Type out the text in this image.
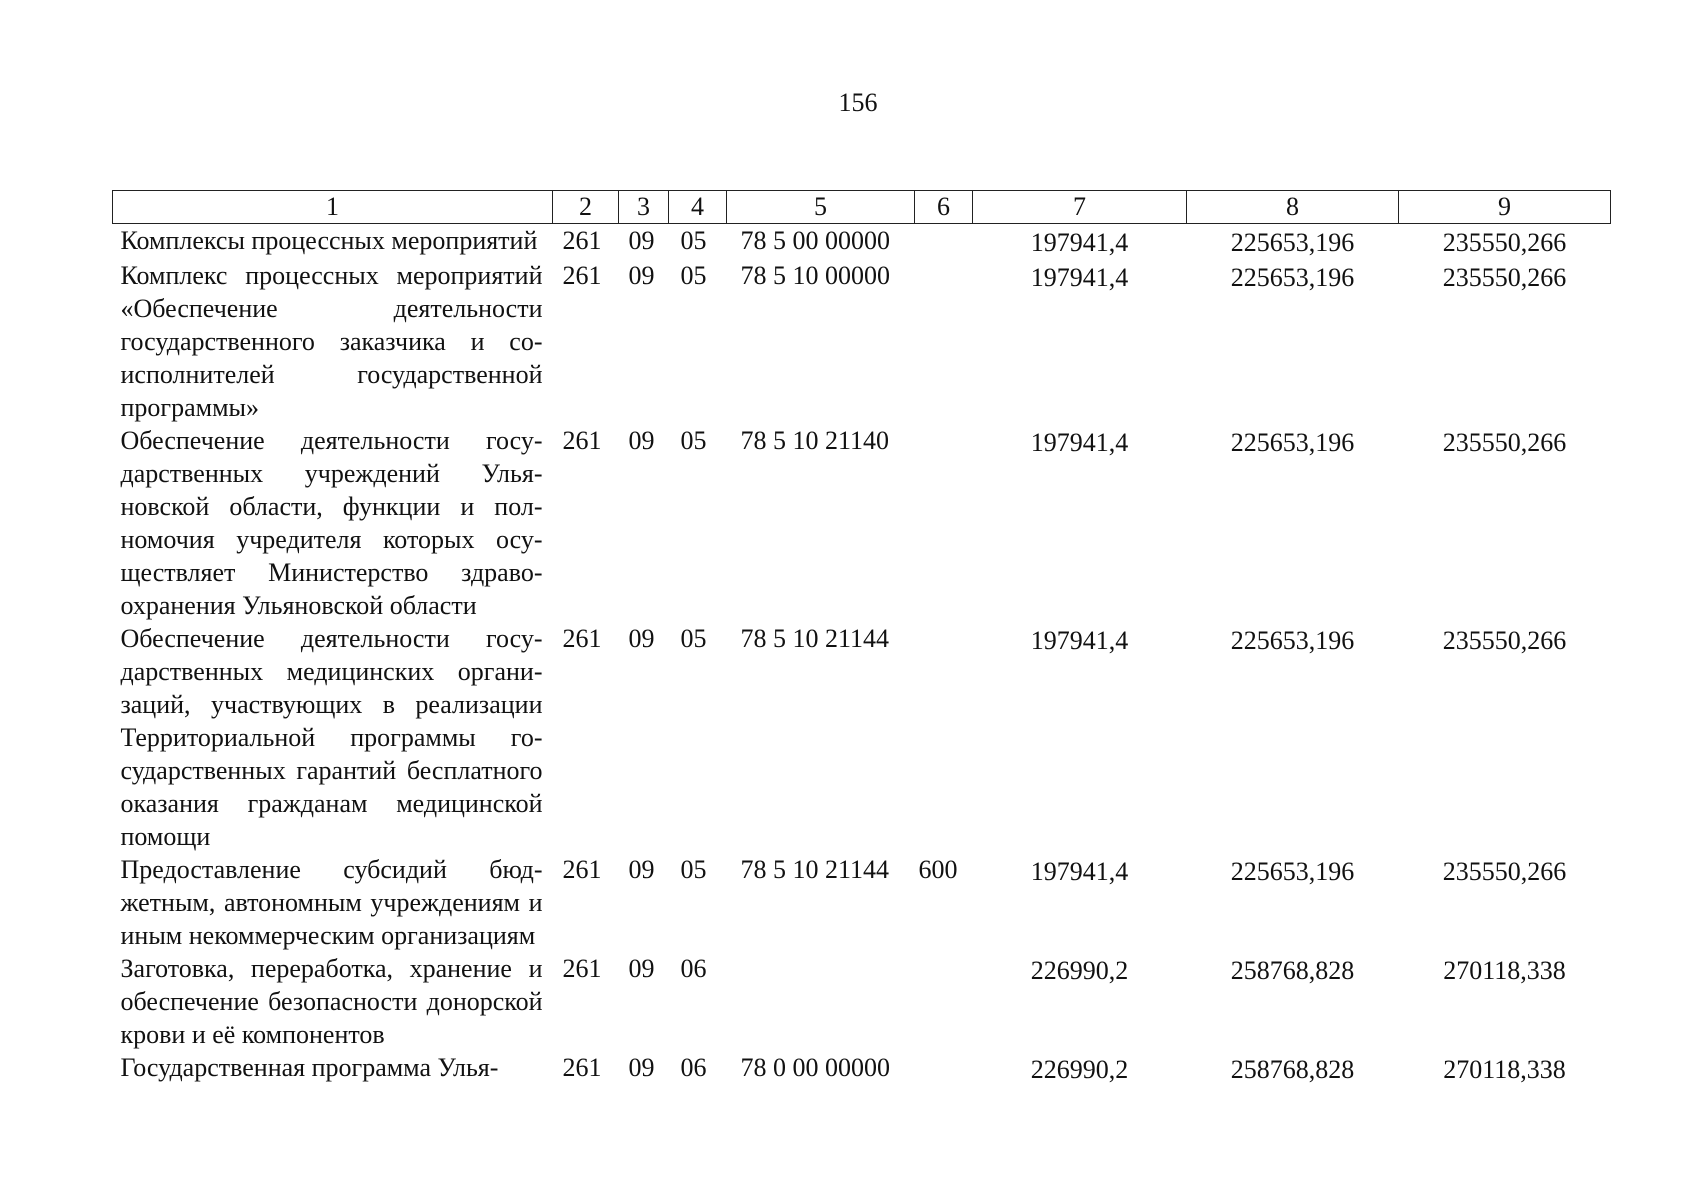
156
1	2	3	4	5	6	7	8	9
Комплексы процессных мероприятий	261	09	05	78 5 00 00000		197941,4	225653,196	235550,266
Комплекс процессных мероприятий «Обеспечение деятельности государственного заказчика и соисполнителей государственной программы»	261	09	05	78 5 10 00000		197941,4	225653,196	235550,266
Обеспечение деятельности государственных учреждений Ульяновской области, функции и полномочия учредителя которых осуществляет Министерство здравоохранения Ульяновской области	261	09	05	78 5 10 21140		197941,4	225653,196	235550,266
Обеспечение деятельности государственных медицинских организаций, участвующих в реализации Территориальной программы государственных гарантий бесплатного оказания гражданам медицинской помощи	261	09	05	78 5 10 21144		197941,4	225653,196	235550,266
Предоставление субсидий бюджетным, автономным учреждениям и иным некоммерческим организациям	261	09	05	78 5 10 21144	600	197941,4	225653,196	235550,266
Заготовка, переработка, хранение и обеспечение безопасности донорской крови и её компонентов	261	09	06			226990,2	258768,828	270118,338
Государственная программа Улья-	261	09	06	78 0 00 00000		226990,2	258768,828	270118,338
